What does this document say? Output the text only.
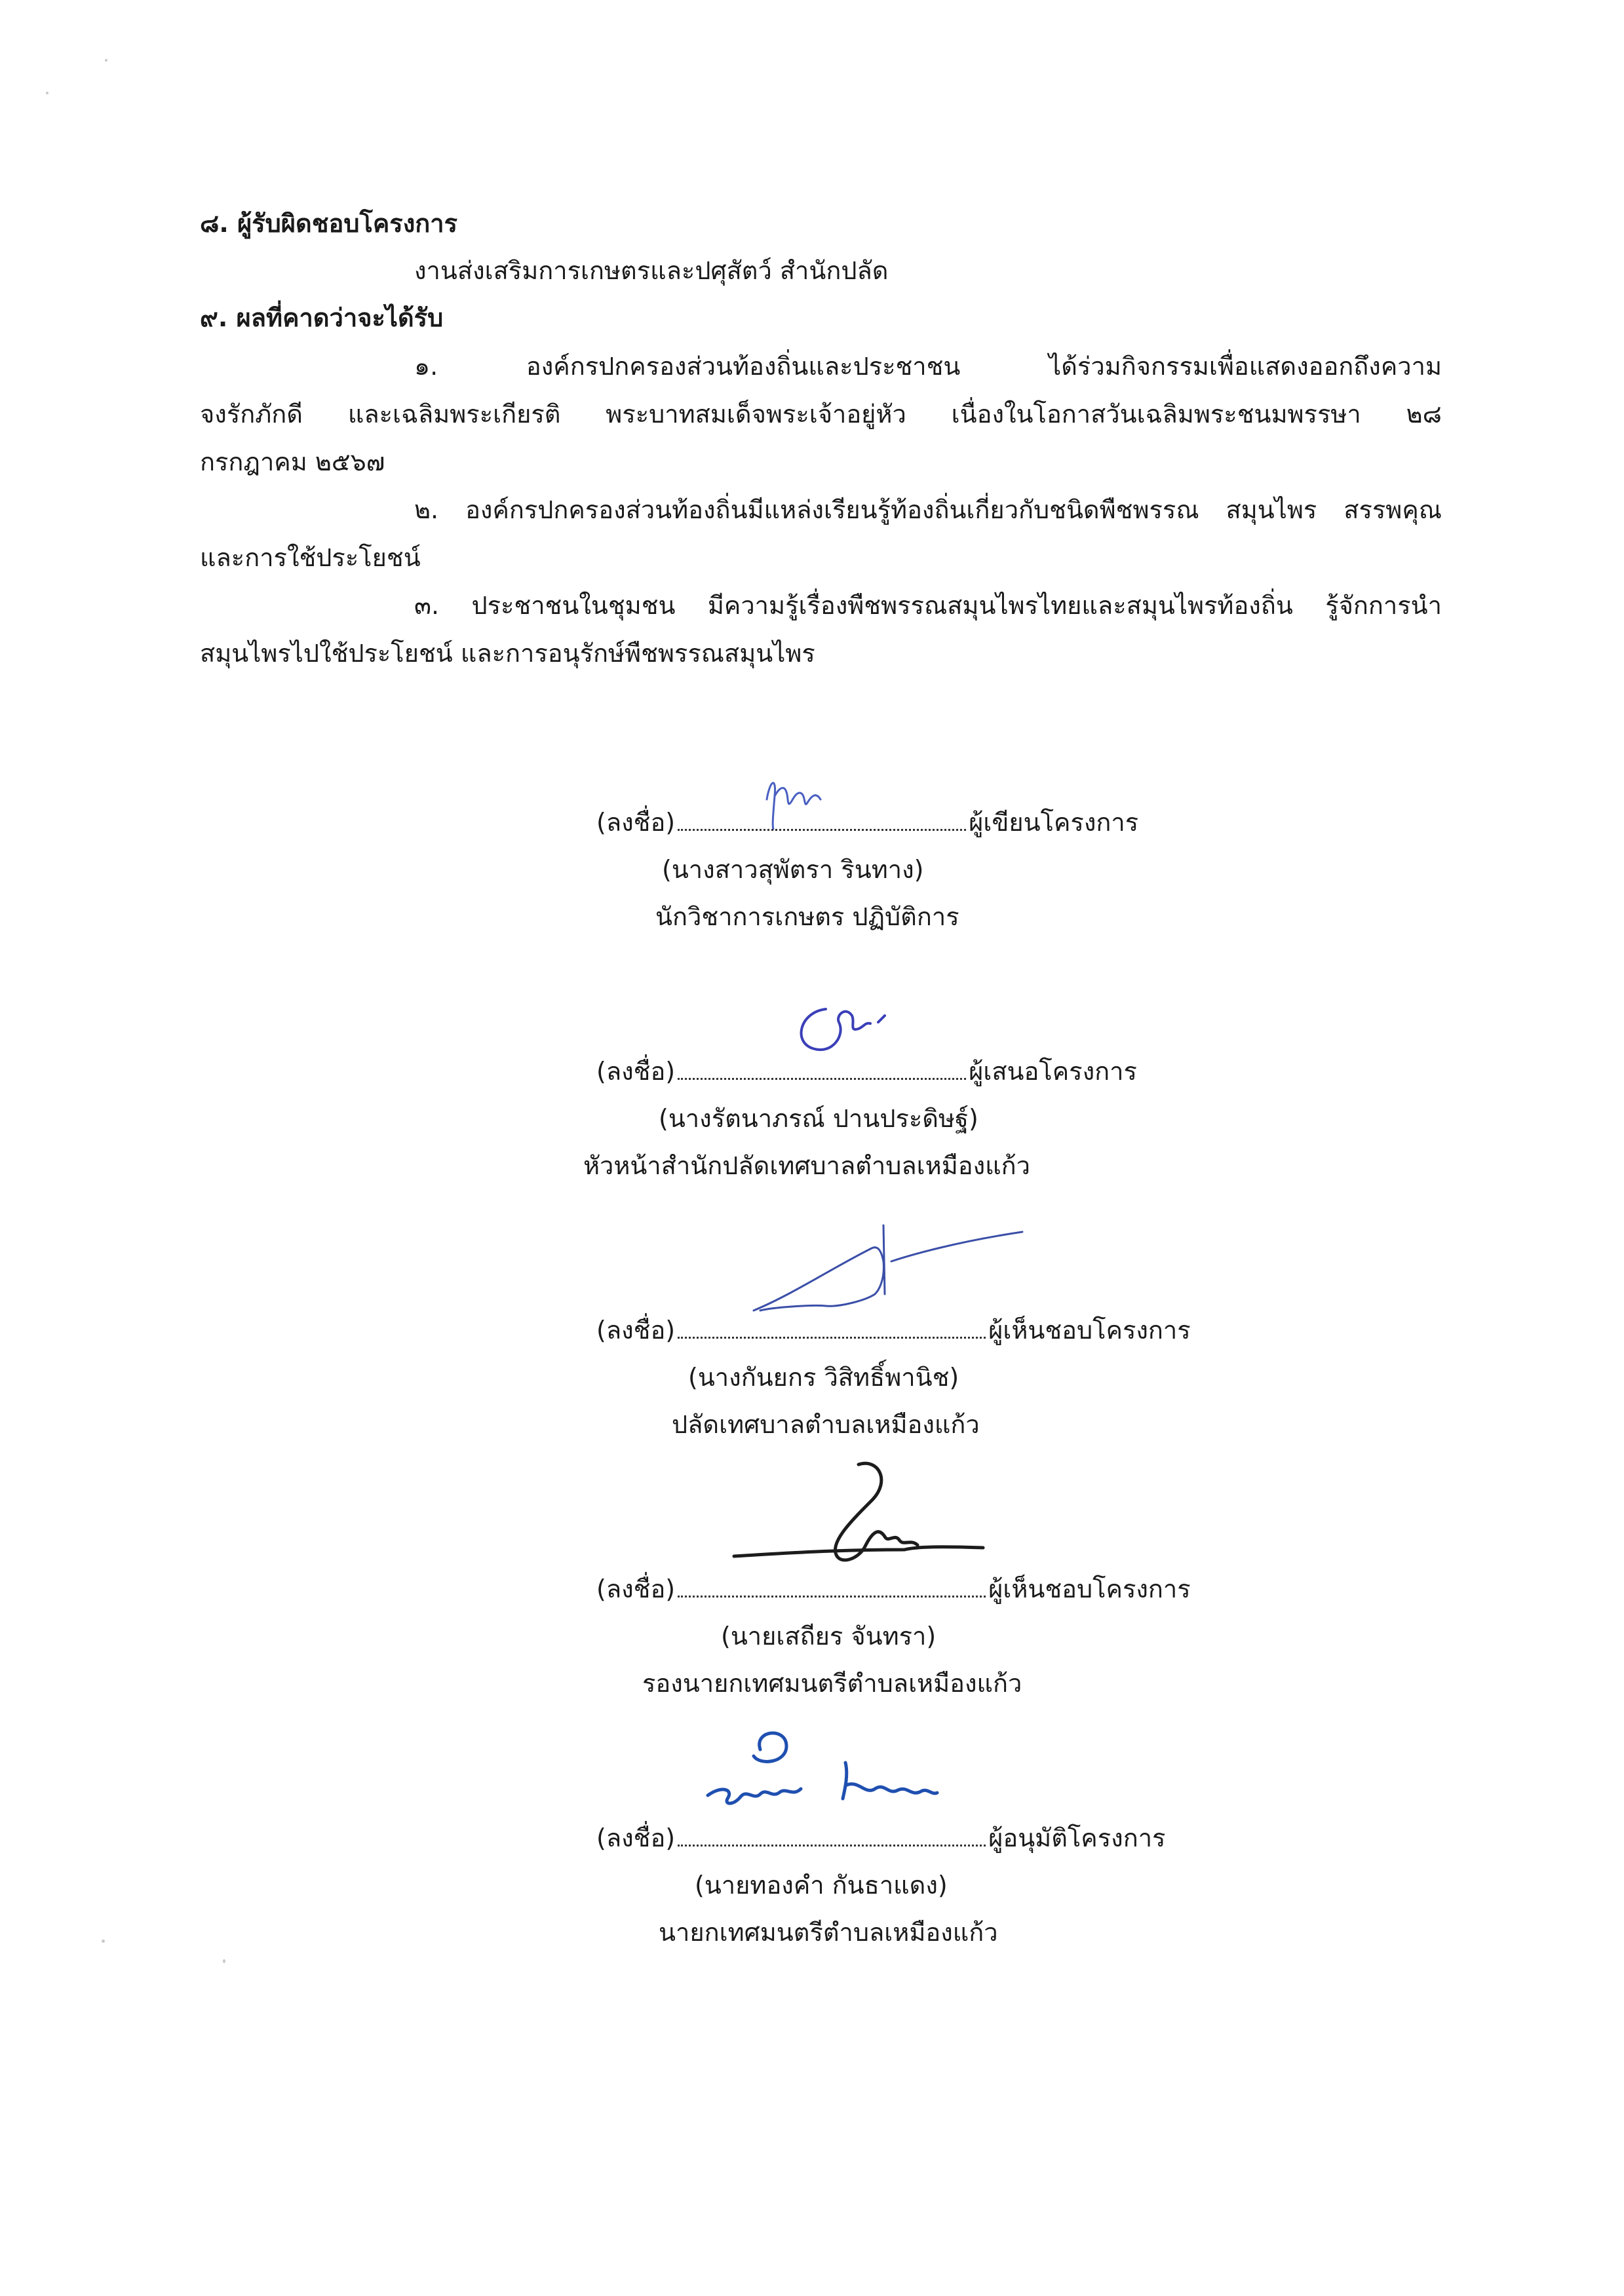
๘. ผู้รับผิดชอบโครงการ
งานส่งเสริมการเกษตรและปศุสัตว์ สำนักปลัด
๙. ผลที่คาดว่าจะได้รับ
๑. องค์กรปกครองส่วนท้องถิ่นและประชาชน ได้ร่วมกิจกรรมเพื่อแสดงออกถึงความ
จงรักภักดี และเฉลิมพระเกียรติ พระบาทสมเด็จพระเจ้าอยู่หัว เนื่องในโอกาสวันเฉลิมพระชนมพรรษา ๒๘
กรกฎาคม ๒๕๖๗
๒. องค์กรปกครองส่วนท้องถิ่นมีแหล่งเรียนรู้ท้องถิ่นเกี่ยวกับชนิดพืชพรรณ สมุนไพร สรรพคุณ
และการใช้ประโยชน์
๓. ประชาชนในชุมชน มีความรู้เรื่องพืชพรรณสมุนไพรไทยและสมุนไพรท้องถิ่น รู้จักการนำ
สมุนไพรไปใช้ประโยชน์ และการอนุรักษ์พืชพรรณสมุนไพร
(ลงชื่อ)	ผู้เขียนโครงการ
(นางสาวสุพัตรา รินทาง)
นักวิชาการเกษตร ปฏิบัติการ
(ลงชื่อ)	ผู้เสนอโครงการ
(นางรัตนาภรณ์ ปานประดิษฐ์)
หัวหน้าสำนักปลัดเทศบาลตำบลเหมืองแก้ว
(ลงชื่อ)	ผู้เห็นชอบโครงการ
(นางกันยกร วิสิทธิ์พานิช)
ปลัดเทศบาลตำบลเหมืองแก้ว
(ลงชื่อ)	ผู้เห็นชอบโครงการ
(นายเสถียร จันทรา)
รองนายกเทศมนตรีตำบลเหมืองแก้ว
(ลงชื่อ)	ผู้อนุมัติโครงการ
(นายทองคำ กันธาแดง)
นายกเทศมนตรีตำบลเหมืองแก้ว
